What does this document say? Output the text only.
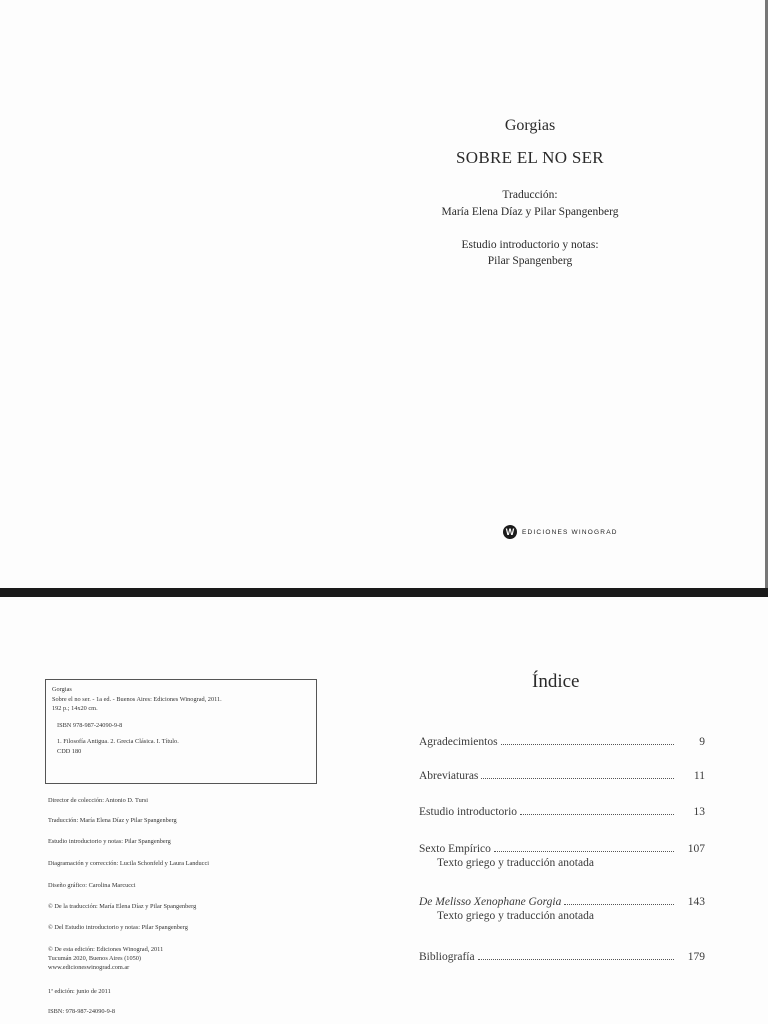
Gorgias
SOBRE EL NO SER
Traducción:
María Elena Díaz y Pilar Spangenberg
Estudio introductorio y notas:
Pilar Spangenberg
W	EDICIONES WINOGRAD
Gorgias
Sobre el no ser. - 1a ed. - Buenos Aires: Ediciones Winograd, 2011.
192 p.; 14x20 cm.
ISBN 978-987-24090-9-8
1. Filosofía Antigua. 2. Grecia Clásica. I. Título.
CDD 180
Director de colección: Antonio D. Tursi
Traducción: María Elena Díaz y Pilar Spangenberg
Estudio introductorio y notas: Pilar Spangenberg
Diagramación y corrección: Lucila Schonfeld y Laura Landucci
Diseño gráfico: Carolina Marcucci
© De la traducción: María Elena Díaz y Pilar Spangenberg
© Del Estudio introductorio y notas: Pilar Spangenberg
© De esta edición: Ediciones Winograd, 2011
Tucumán 2020, Buenos Aires (1050)
www.edicioneswinograd.com.ar
1ª edición: junio de 2011
ISBN: 978-987-24090-9-8
Índice
Agradecimientos	9
Abreviaturas	11
Estudio introductorio	13
Sexto Empírico	107
Texto griego y traducción anotada
De Melisso Xenophane Gorgia	143
Texto griego y traducción anotada
Bibliografía	179
